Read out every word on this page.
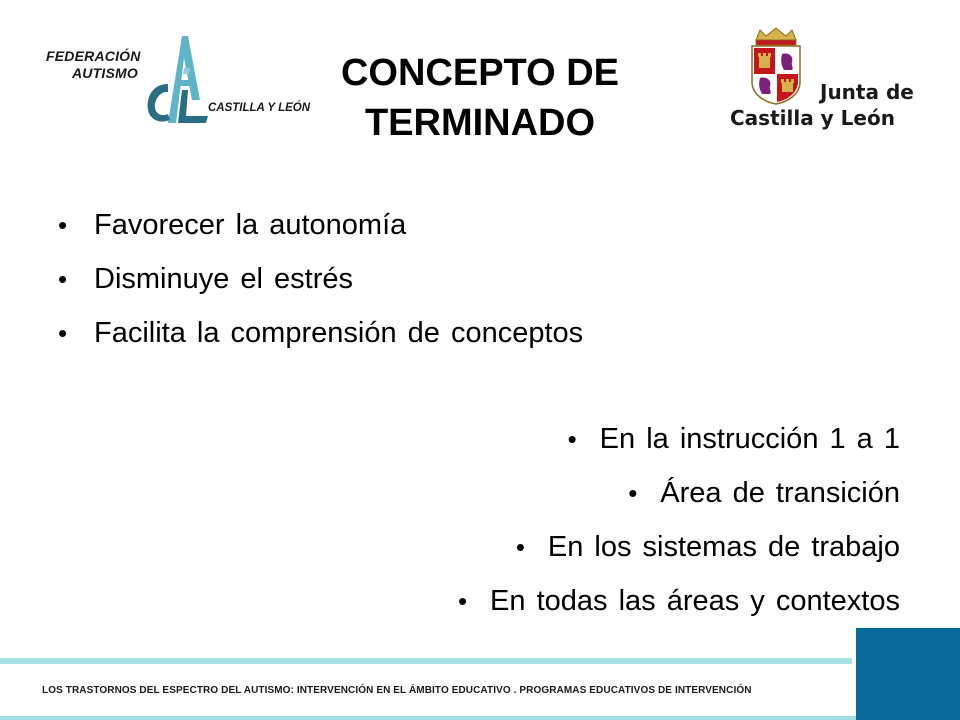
FEDERACIÓN
AUTISMO
CASTILLA Y LEÓN
CONCEPTO DE
TERMINADO
Junta de
Castilla y León
• Favorecer la autonomía
• Disminuye el estrés
• Facilita la comprensión de conceptos
• En la instrucción 1 a 1
• Área de transición
• En los sistemas de trabajo
• En todas las áreas y contextos
LOS TRASTORNOS DEL ESPECTRO DEL AUTISMO: INTERVENCIÓN EN EL ÁMBITO EDUCATIVO . PROGRAMAS EDUCATIVOS DE INTERVENCIÓN
